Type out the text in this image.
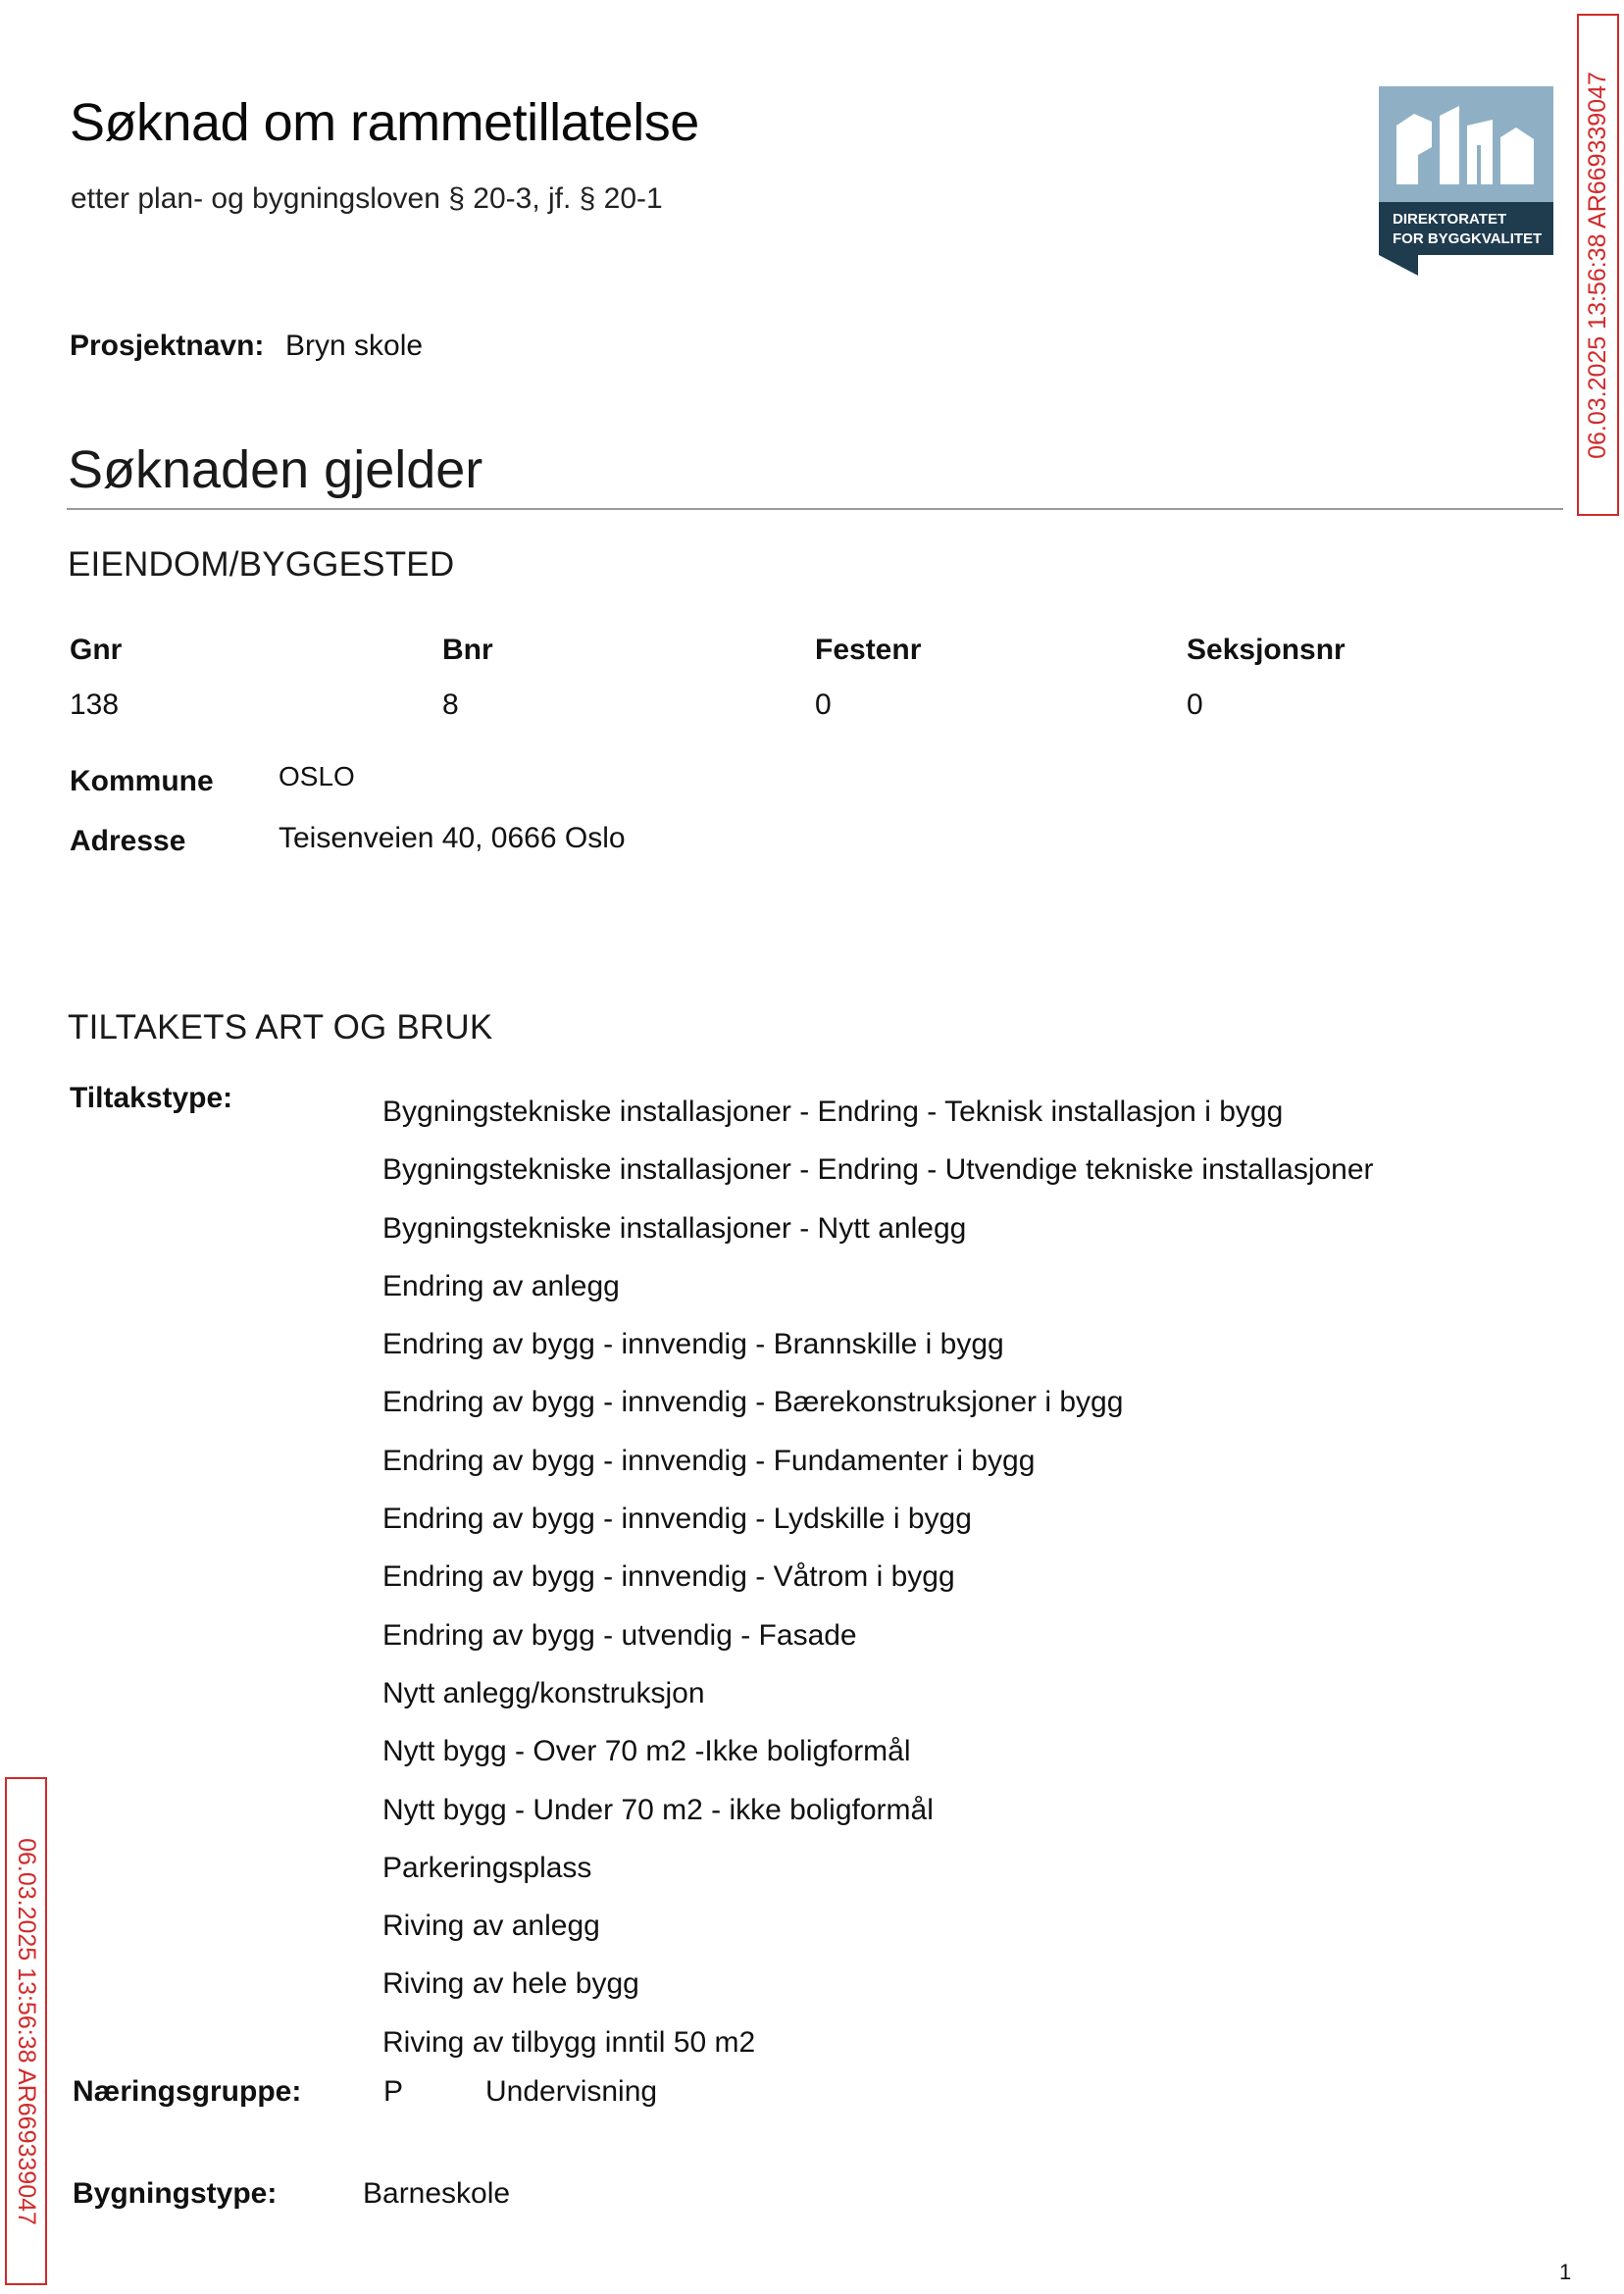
Søknad om rammetillatelse
etter plan- og bygningsloven § 20-3, jf. § 20-1
DIREKTORATET
FOR BYGGKVALITET 06.03.2025 13:56:38 AR669339047
06.03.2025 13:56:38 AR669339047
Prosjektnavn: Bryn skole
Søknaden gjelder
EIENDOM/BYGGESTED
Gnr	Bnr	Festenr	Seksjonsnr
138	8	0	0
Kommune OSLO
Adresse	Teisenveien 40, 0666 Oslo
TILTAKETS ART OG BRUK
Tiltakstype:	Bygningstekniske installasjoner - Endring - Teknisk installasjon i bygg
Bygningstekniske installasjoner - Endring - Utvendige tekniske installasjoner
Bygningstekniske installasjoner - Nytt anlegg
Endring av anlegg
Endring av bygg - innvendig - Brannskille i bygg
Endring av bygg - innvendig - Bærekonstruksjoner i bygg
Endring av bygg - innvendig - Fundamenter i bygg
Endring av bygg - innvendig - Lydskille i bygg
Endring av bygg - innvendig - Våtrom i bygg
Endring av bygg - utvendig - Fasade
Nytt anlegg/konstruksjon
Nytt bygg - Over 70 m2 -Ikke boligformål
Nytt bygg - Under 70 m2 - ikke boligformål
Parkeringsplass
Riving av anlegg
Riving av hele bygg
Riving av tilbygg inntil 50 m2
Næringsgruppe:	P	Undervisning
Bygningstype:	Barneskole
1
